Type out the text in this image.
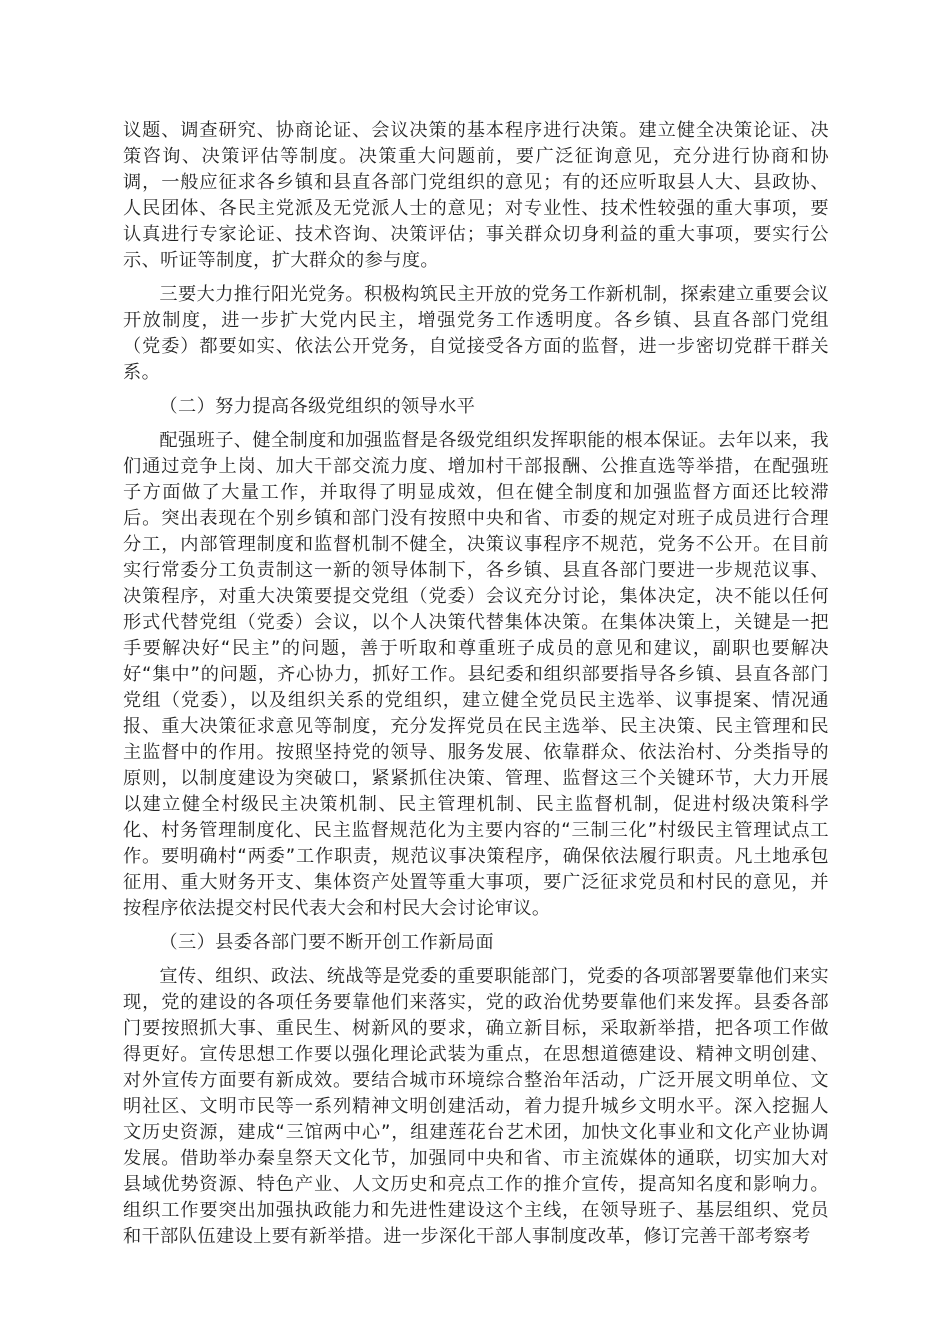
议题、调查研究、协商论证、会议决策的基本程序进行决策。建立健全决策论证、决策咨询、决策评估等制度。决策重大问题前，要广泛征询意见，充分进行协商和协调，一般应征求各乡镇和县直各部门党组织的意见；有的还应听取县人大、县政协、人民团体、各民主党派及无党派人士的意见；对专业性、技术性较强的重大事项，要认真进行专家论证、技术咨询、决策评估；事关群众切身利益的重大事项，要实行公示、听证等制度，扩大群众的参与度。

三要大力推行阳光党务。积极构筑民主开放的党务工作新机制，探索建立重要会议开放制度，进一步扩大党内民主，增强党务工作透明度。各乡镇、县直各部门党组（党委）都要如实、依法公开党务，自觉接受各方面的监督，进一步密切党群干群关系。

（二）努力提高各级党组织的领导水平

配强班子、健全制度和加强监督是各级党组织发挥职能的根本保证。去年以来，我们通过竞争上岗、加大干部交流力度、增加村干部报酬、公推直选等举措，在配强班子方面做了大量工作，并取得了明显成效，但在健全制度和加强监督方面还比较滞后。突出表现在个别乡镇和部门没有按照中央和省、市委的规定对班子成员进行合理分工，内部管理制度和监督机制不健全，决策议事程序不规范，党务不公开。在目前实行常委分工负责制这一新的领导体制下，各乡镇、县直各部门要进一步规范议事、决策程序，对重大决策要提交党组（党委）会议充分讨论，集体决定，决不能以任何形式代替党组（党委）会议，以个人决策代替集体决策。在集体决策上，关键是一把手要解决好“民主”的问题，善于听取和尊重班子成员的意见和建议，副职也要解决好“集中”的问题，齐心协力，抓好工作。县纪委和组织部要指导各乡镇、县直各部门党组（党委），以及组织关系的党组织，建立健全党员民主选举、议事提案、情况通报、重大决策征求意见等制度，充分发挥党员在民主选举、民主决策、民主管理和民主监督中的作用。按照坚持党的领导、服务发展、依靠群众、依法治村、分类指导的原则，以制度建设为突破口，紧紧抓住决策、管理、监督这三个关键环节，大力开展以建立健全村级民主决策机制、民主管理机制、民主监督机制，促进村级决策科学化、村务管理制度化、民主监督规范化为主要内容的“三制三化”村级民主管理试点工作。要明确村“两委”工作职责，规范议事决策程序，确保依法履行职责。凡土地承包征用、重大财务开支、集体资产处置等重大事项，要广泛征求党员和村民的意见，并按程序依法提交村民代表大会和村民大会讨论审议。

（三）县委各部门要不断开创工作新局面

宣传、组织、政法、统战等是党委的重要职能部门，党委的各项部署要靠他们来实现，党的建设的各项任务要靠他们来落实，党的政治优势要靠他们来发挥。县委各部门要按照抓大事、重民生、树新风的要求，确立新目标，采取新举措，把各项工作做得更好。宣传思想工作要以强化理论武装为重点，在思想道德建设、精神文明创建、对外宣传方面要有新成效。要结合城市环境综合整治年活动，广泛开展文明单位、文明社区、文明市民等一系列精神文明创建活动，着力提升城乡文明水平。深入挖掘人文历史资源，建成“三馆两中心”，组建莲花台艺术团，加快文化事业和文化产业协调发展。借助举办秦皇祭天文化节，加强同中央和省、市主流媒体的通联，切实加大对县域优势资源、特色产业、人文历史和亮点工作的推介宣传，提高知名度和影响力。组织工作要突出加强执政能力和先进性建设这个主线，在领导班子、基层组织、党员和干部队伍建设上要有新举措。进一步深化干部人事制度改革，修订完善干部考察考
